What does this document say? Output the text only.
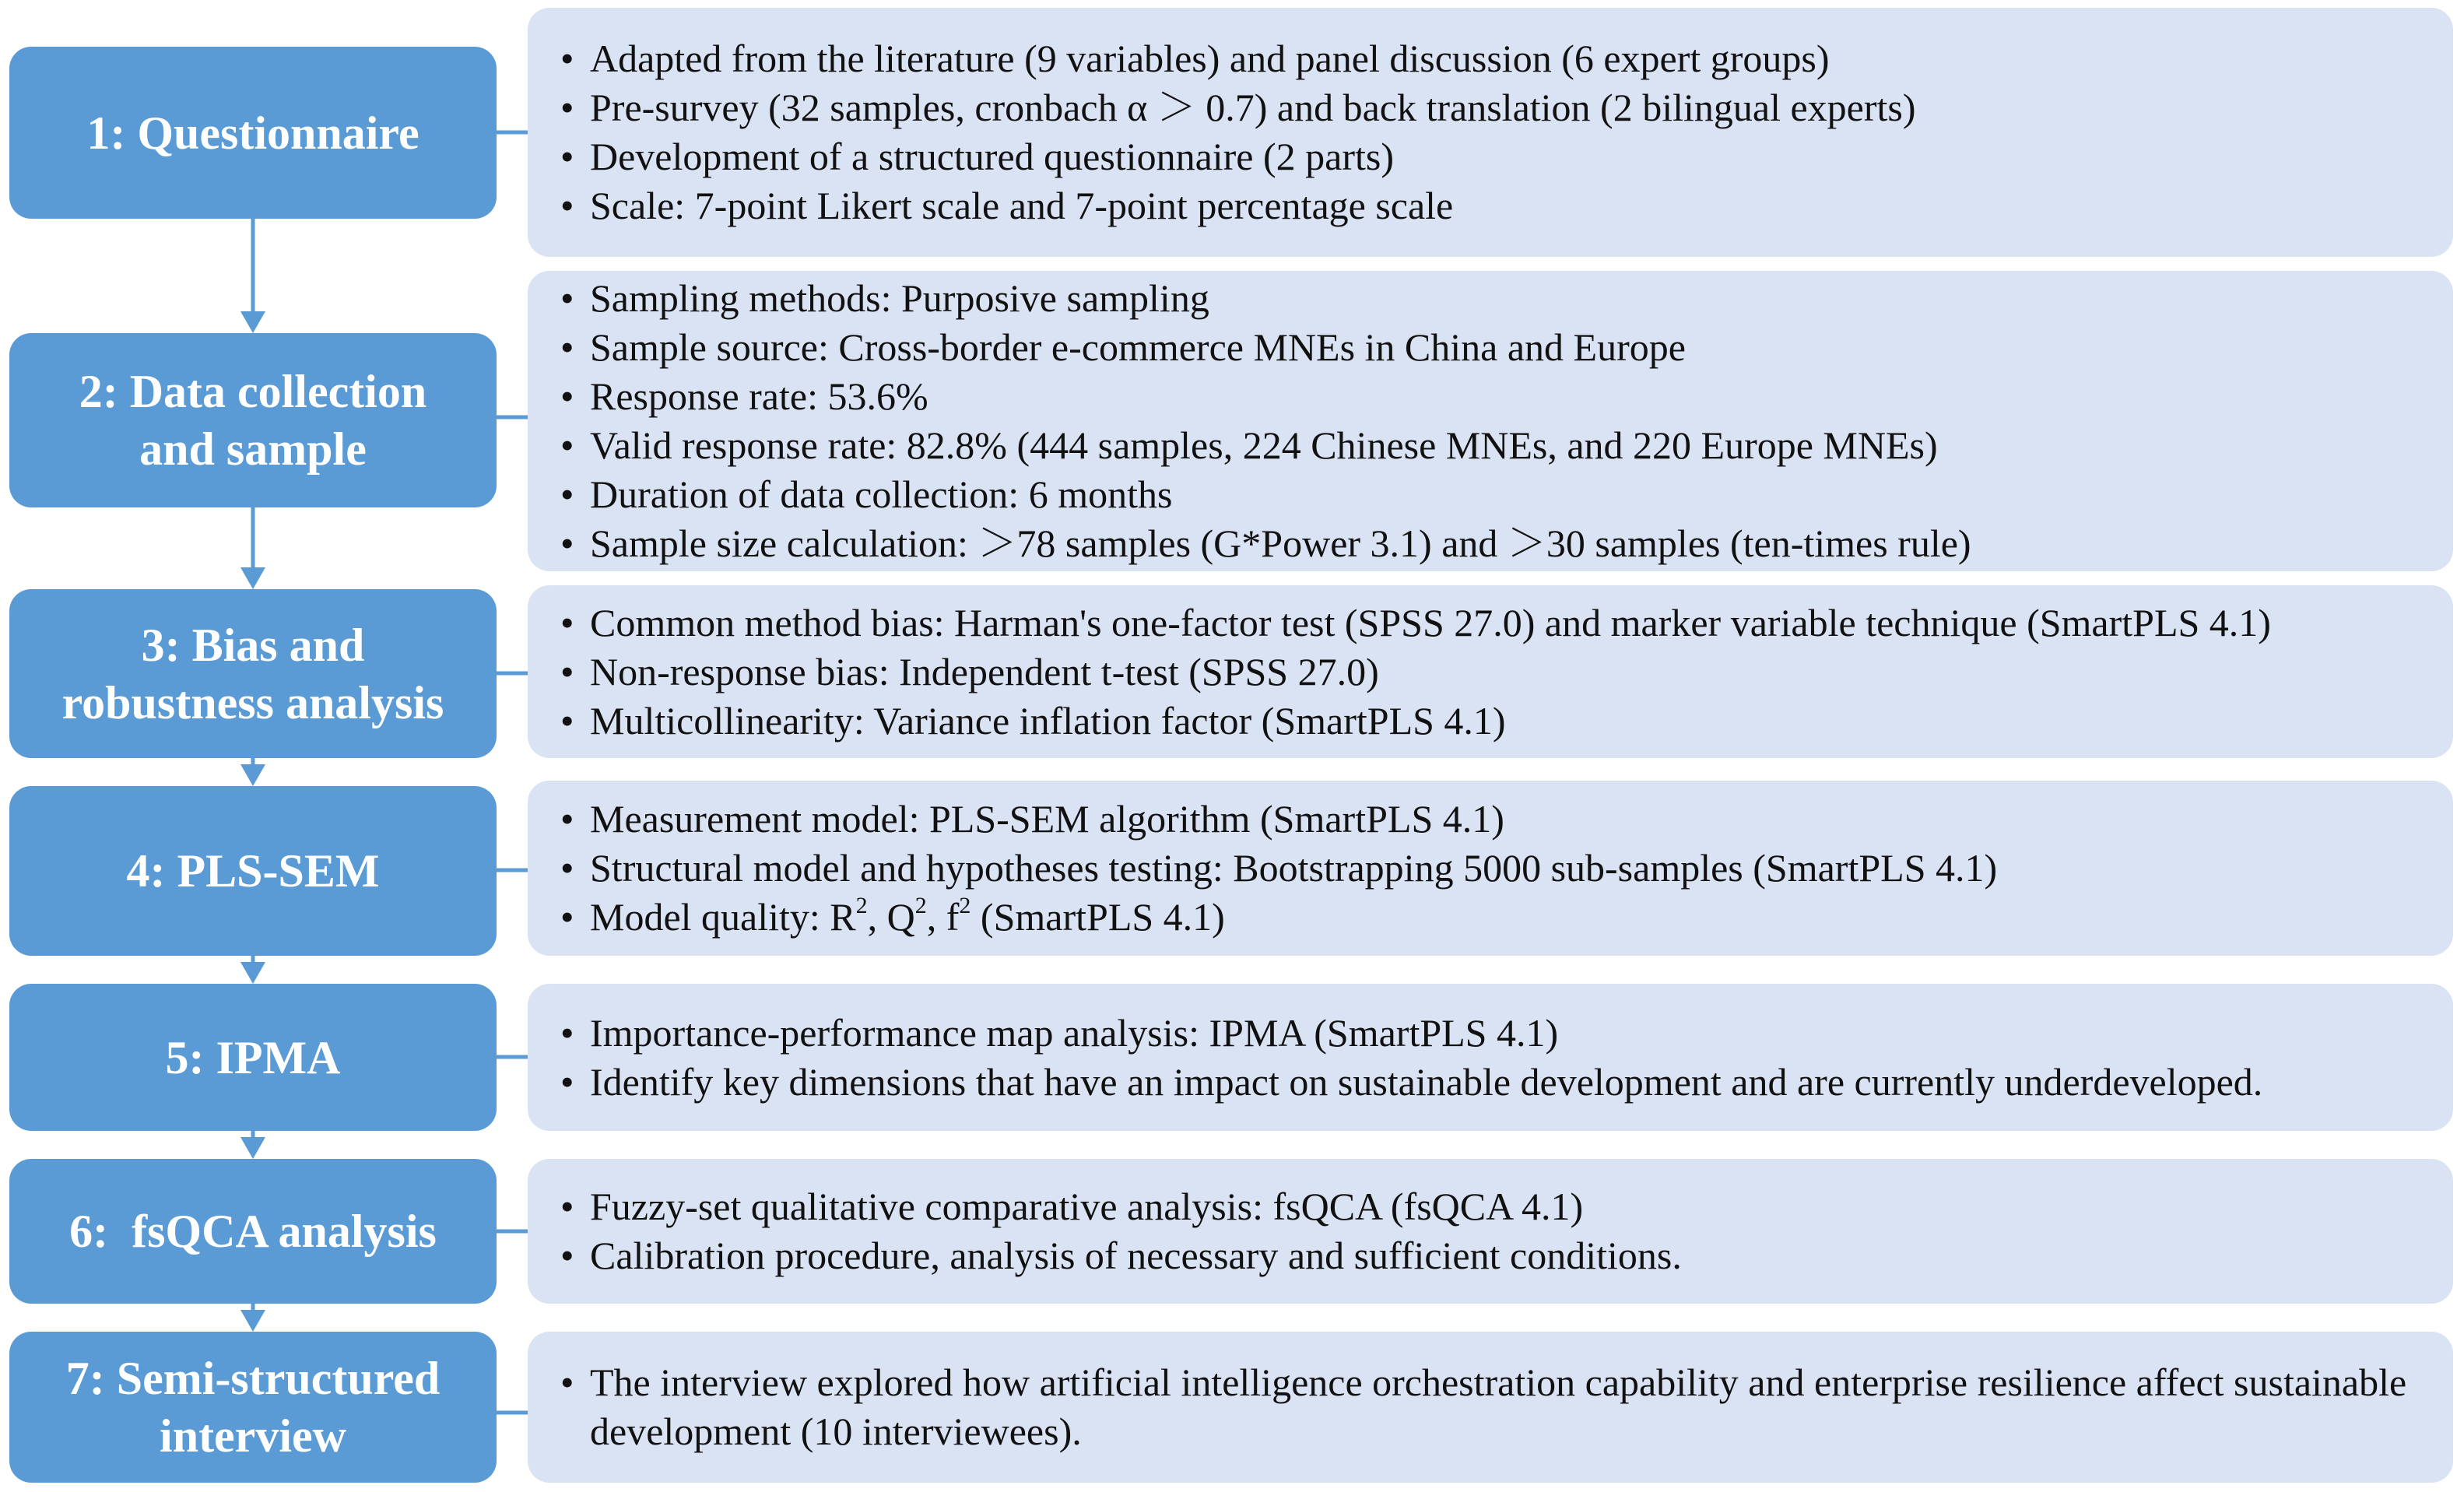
1: Questionnaire
• Adapted from the literature (9 variables) and panel discussion (6 expert groups)
• Pre-survey (32 samples, cronbach α ＞ 0.7) and back translation (2 bilingual experts)
• Development of a structured questionnaire (2 parts)
• Scale: 7-point Likert scale and 7-point percentage scale
2: Data collection
and sample
• Sampling methods: Purposive sampling
• Sample source: Cross-border e-commerce MNEs in China and Europe
• Response rate: 53.6%
• Valid response rate: 82.8% (444 samples, 224 Chinese MNEs, and 220 Europe MNEs)
• Duration of data collection: 6 months
• Sample size calculation: ＞78 samples (G*Power 3.1) and ＞30 samples (ten-times rule)
3: Bias and
robustness analysis
• Common method bias: Harman's one-factor test (SPSS 27.0) and marker variable technique (SmartPLS 4.1)
• Non-response bias: Independent t-test (SPSS 27.0)
• Multicollinearity: Variance inflation factor (SmartPLS 4.1)
4: PLS-SEM
• Measurement model: PLS-SEM algorithm (SmartPLS 4.1)
• Structural model and hypotheses testing: Bootstrapping 5000 sub-samples (SmartPLS 4.1)
• Model quality: $R^2$, $Q^2$, $f^2$ (SmartPLS 4.1)
5: IPMA	• Importance-performance map analysis: IPMA (SmartPLS 4.1)
• Identify key dimensions that have an impact on sustainable development and are currently underdeveloped.
6:  fsQCA analysis	• Fuzzy-set qualitative comparative analysis: fsQCA (fsQCA 4.1)
• Calibration procedure, analysis of necessary and sufficient conditions.
7: Semi-structured
interview
• The interview explored how artificial intelligence orchestration capability and enterprise resilience affect sustainable development (10 interviewees).
